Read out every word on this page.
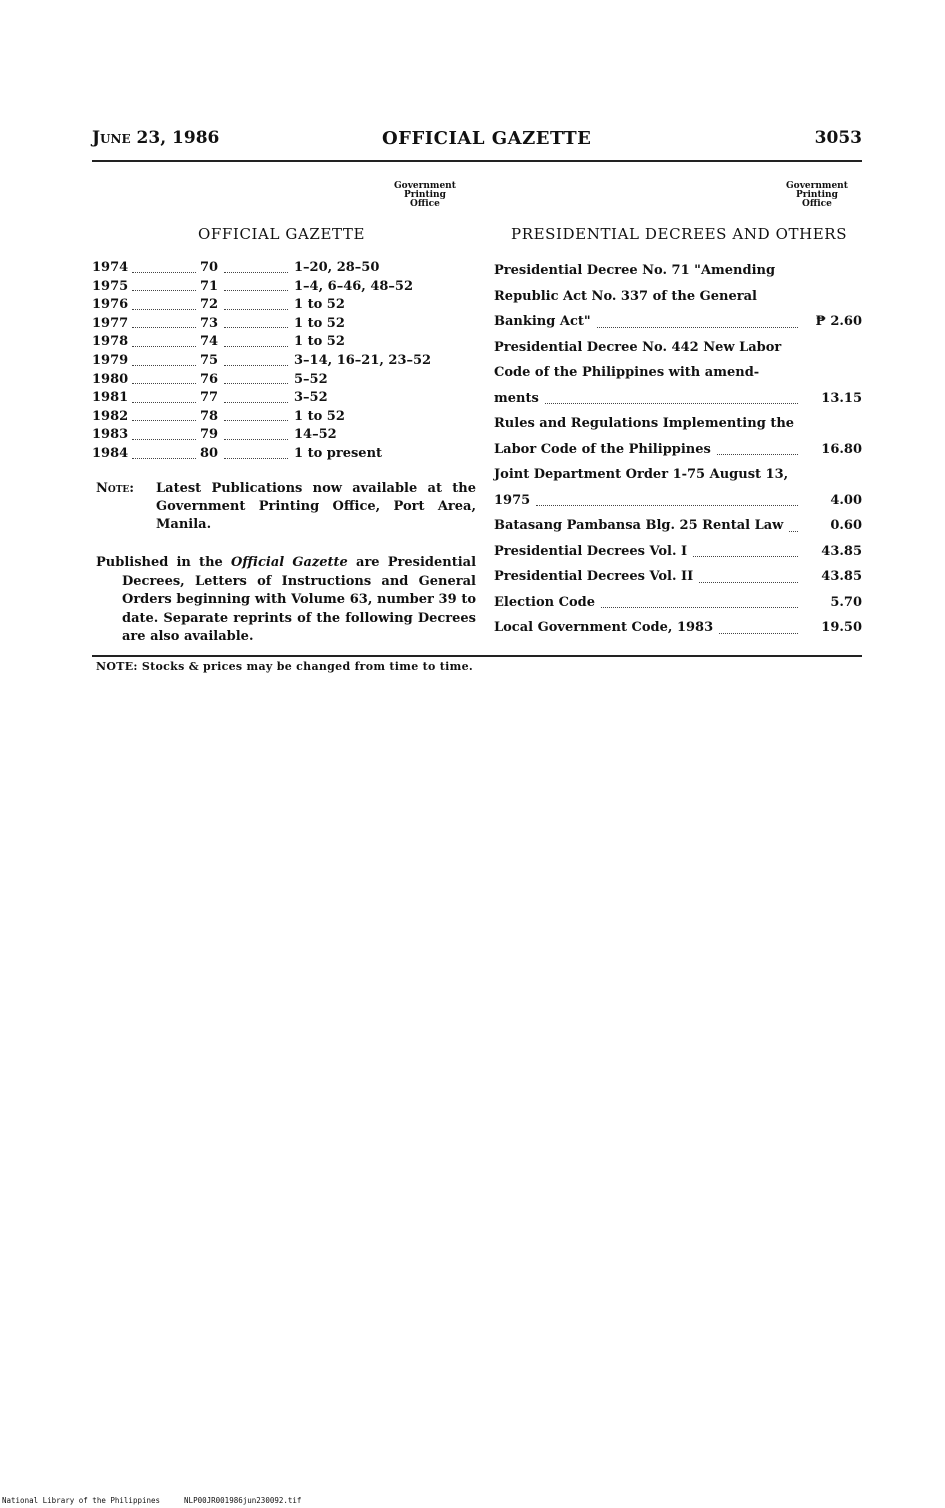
June 23, 1986	OFFICIAL GAZETTE	3053
Government
Printing
Office
Government
Printing
Office
OFFICIAL GAZETTE	PRESIDENTIAL DECREES AND OTHERS
1974	70	1–20, 28–50
1975	71	1–4, 6–46, 48–52
1976	72	1 to 52
1977	73	1 to 52
1978	74	1 to 52
1979	75	3–14, 16–21, 23–52
1980	76	5–52
1981	77	3–52
1982	78	1 to 52
1983	79	14–52
1984	80	1 to present
Note:	Latest Publications now available at the Government Printing Office, Port Area, Manila.
Published in the Official Gazette are Presidential Decrees, Letters of Instructions and General Orders beginning with Volume 63, number 39 to date. Separate reprints of the following Decrees are also available.
Presidential Decree No. 71 "Amending
Republic Act No. 337 of the General
Banking Act"	₱ 2.60
Presidential Decree No. 442 New Labor
Code of the Philippines with amend-
ments	13.15
Rules and Regulations Implementing the
Labor Code of the Philippines	16.80
Joint Department Order 1-75 August 13,
1975	4.00
Batasang Pambansa Blg. 25 Rental Law	0.60
Presidential Decrees Vol. I	43.85
Presidential Decrees Vol. II	43.85
Election Code	5.70
Local Government Code, 1983	19.50
NOTE: Stocks & prices may be changed from time to time.
National Library of the Philippines	NLP00JR001986jun230092.tif
